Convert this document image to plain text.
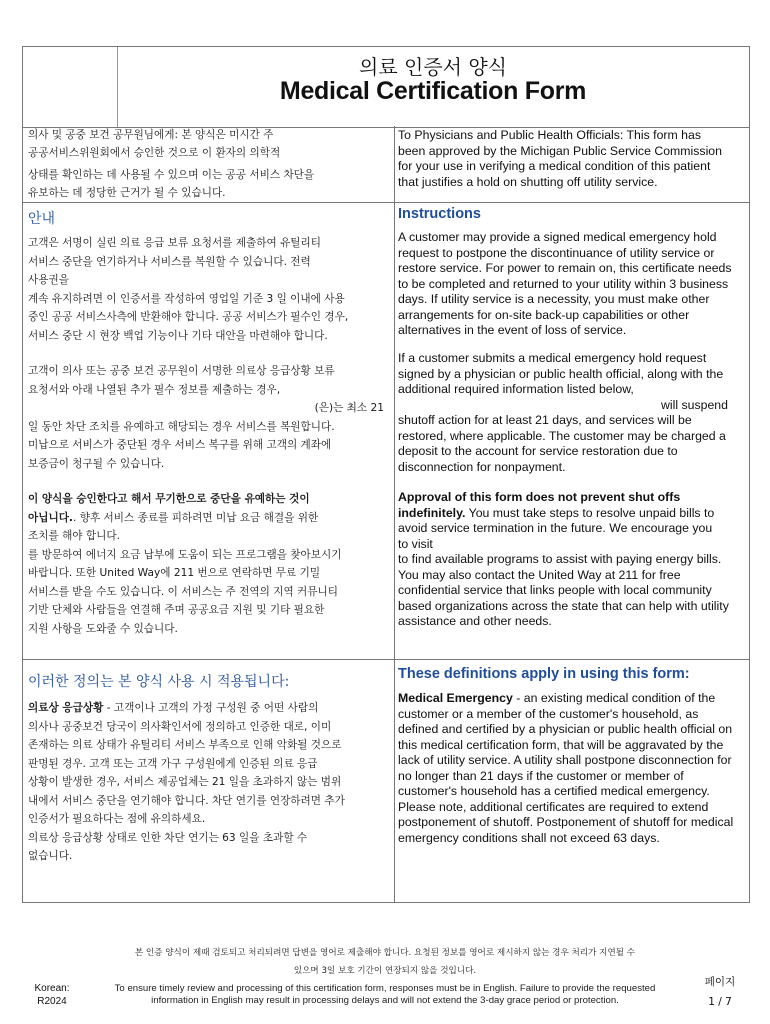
의료 인증서 양식
Medical Certification Form

의사 및 공중 보건 공무원님에게: 본 양식은 미시간 주

공공서비스위원회에서 승인한 것으로 이 환자의 의학적

상태를 확인하는 데 사용될 수 있으며 이는 공공 서비스 차단을

유보하는 데 정당한 근거가 될 수 있습니다.

To Physicians and Public Health Officials: This form has

been approved by the Michigan Public Service Commission

for your use in verifying a medical condition of this patient

that justifies a hold on shutting off utility service.

안내

고객은 서명이 실린 의료 응급 보류 요청서를 제출하여 유틸리티

서비스 중단을 연기하거나 서비스를 복원할 수 있습니다. 전력

사용권을

계속 유지하려면 이 인증서를 작성하여 영업일 기준 3 일 이내에 사용

중인 공공 서비스사측에 반환해야 합니다. 공공 서비스가 필수인 경우,

서비스 중단 시 현장 백업 기능이나 기타 대안을 마련해야 합니다.

고객이 의사 또는 공중 보건 공무원이 서명한 의료상 응급상황 보류

요청서와 아래 나열된 추가 필수 정보를 제출하는 경우,

(은)는 최소 21

일 동안 차단 조치를 유예하고 해당되는 경우 서비스를 복원합니다.

미납으로 서비스가 중단된 경우 서비스 복구를 위해 고객의 계좌에

보증금이 청구될 수 있습니다.

이 양식을 승인한다고 해서 무기한으로 중단을 유예하는 것이

아닙니다.. 향후 서비스 종료를 피하려면 미납 요금 해결을 위한

조치를 해야 합니다.

를 방문하여 에너지 요금 납부에 도움이 되는 프로그램을 찾아보시기

바랍니다. 또한 United Way에 211 번으로 연락하면 무료 기밀

서비스를 받을 수도 있습니다. 이 서비스는 주 전역의 지역 커뮤니티

기반 단체와 사람들을 연결해 주며 공공요금 지원 및 기타 필요한

지원 사항을 도와줄 수 있습니다.

Instructions

A customer may provide a signed medical emergency hold

request to postpone the discontinuance of utility service or

restore service. For power to remain on, this certificate needs

to be completed and returned to your utility within 3 business

days. If utility service is a necessity, you must make other

arrangements for on-site back-up capabilities or other

alternatives in the event of loss of service.

If a customer submits a medical emergency hold request

signed by a physician or public health official, along with the

additional required information listed below,

will suspend

shutoff action for at least 21 days, and services will be

restored, where applicable. The customer may be charged a

deposit to the account for service restoration due to

disconnection for nonpayment.

Approval of this form does not prevent shut offs

indefinitely. You must take steps to resolve unpaid bills to

avoid service termination in the future. We encourage you

to visit

to find available programs to assist with paying energy bills.

You may also contact the United Way at 211 for free

confidential service that links people with local community

based organizations across the state that can help with utility

assistance and other needs.

이러한 정의는 본 양식 사용 시 적용됩니다:	These definitions apply in using this form:

의료상 응급상황 - 고객이나 고객의 가정 구성원 중 어떤 사람의

의사나 공중보건 당국이 의사확인서에 정의하고 인증한 대로, 이미

존재하는 의료 상태가 유틸리티 서비스 부족으로 인해 악화될 것으로

판명된 경우. 고객 또는 고객 가구 구성원에게 인증된 의료 응급

상황이 발생한 경우, 서비스 제공업체는 21 일을 초과하지 않는 범위

내에서 서비스 중단을 연기해야 합니다. 차단 연기를 연장하려면 추가

인증서가 필요하다는 점에 유의하세요.

의료상 응급상황 상태로 인한 차단 연기는 63 일을 초과할 수

없습니다.

Medical Emergency - an existing medical condition of the

customer or a member of the customer's household, as

defined and certified by a physician or public health official on

this medical certification form, that will be aggravated by the

lack of utility service. A utility shall postpone disconnection for

no longer than 21 days if the customer or member of

customer's household has a certified medical emergency.

Please note, additional certificates are required to extend

postponement of shutoff. Postponement of shutoff for medical

emergency conditions shall not exceed 63 days.

본 인증 양식이 제때 검토되고 처리되려면 답변을 영어로 제출해야 합니다. 요청된 정보를 영어로 제시하지 않는 경우 처리가 지연될 수

있으며 3일 보호 기간이 연장되지 않을 것입니다.

To ensure timely review and processing of this certification form, responses must be in English. Failure to provide the requested

information in English may result in processing delays and will not extend the 3-day grace period or protection.

Korean:
R2024
페이지
1 / 7
